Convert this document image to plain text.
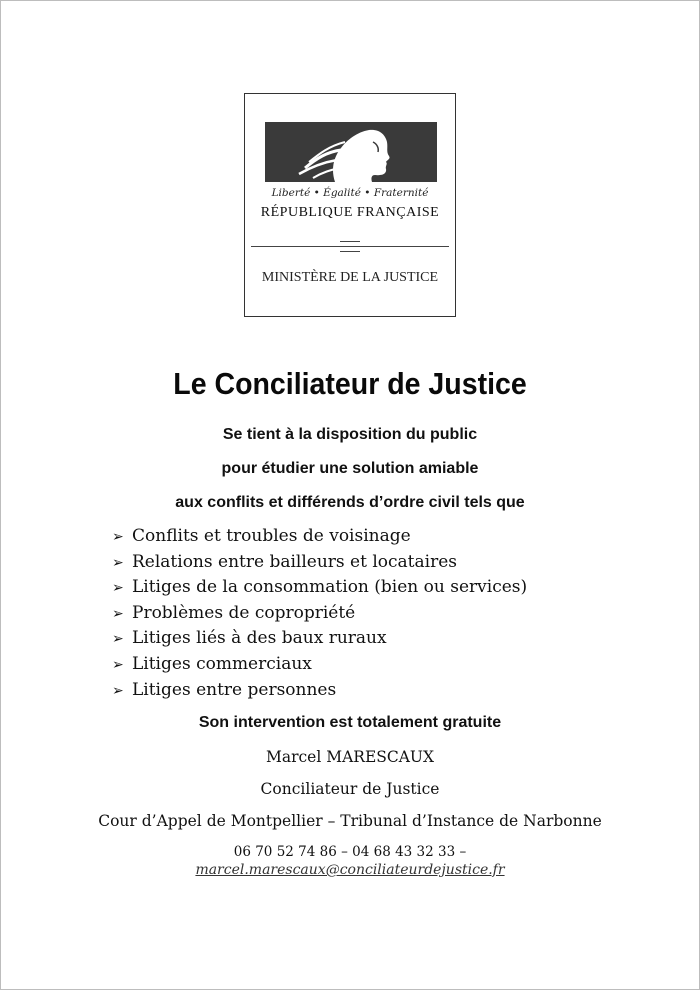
Liberté • Égalité • Fraternité
RÉPUBLIQUE FRANÇAISE
MINISTÈRE DE LA JUSTICE
Le Conciliateur de Justice
Se tient à la disposition du public
pour étudier une solution amiable
aux conflits et différends d’ordre civil tels que
➢ Conflits et troubles de voisinage
➢ Relations entre bailleurs et locataires
➢ Litiges de la consommation (bien ou services)
➢ Problèmes de copropriété
➢ Litiges liés à des baux ruraux
➢ Litiges commerciaux
➢ Litiges entre personnes
Son intervention est totalement gratuite
Marcel MARESCAUX
Conciliateur de Justice
Cour d’Appel de Montpellier – Tribunal d’Instance de Narbonne
06 70 52 74 86 – 04 68 43 32 33 –
marcel.marescaux@conciliateurdejustice.fr
